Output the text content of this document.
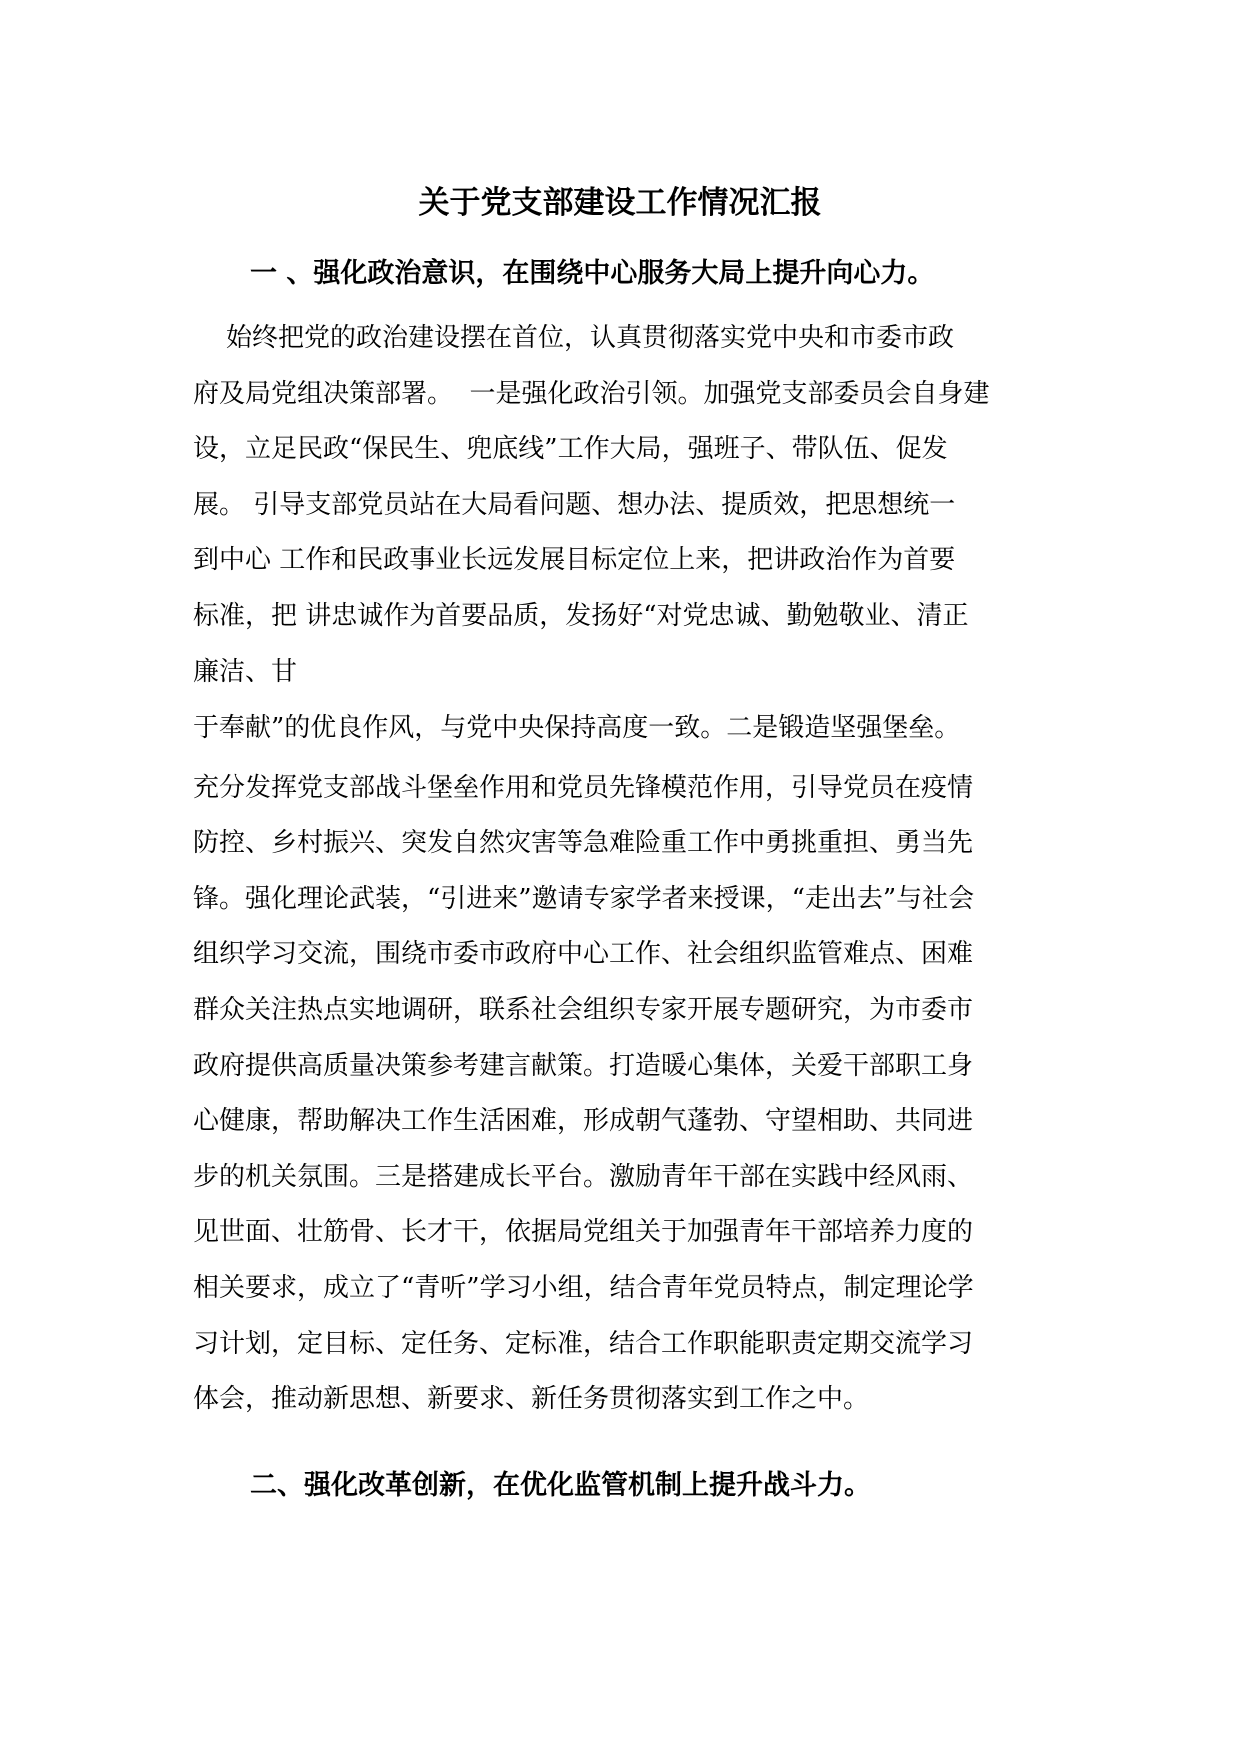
关于党支部建设工作情况汇报
一 、强化政治意识，在围绕中心服务大局上提升向心力。

始终把党的政治建设摆在首位，认真贯彻落实党中央和市委市政

府及局党组决策部署。  一是强化政治引领。加强党支部委员会自身建

设，立足民政“保民生、兜底线”工作大局，强班子、带队伍、促发

展。 引导支部党员站在大局看问题、想办法、提质效，把思想统一

到中心 工作和民政事业长远发展目标定位上来，把讲政治作为首要

标准，把 讲忠诚作为首要品质，发扬好“对党忠诚、勤勉敬业、清正

廉洁、甘

于奉献”的优良作风，与党中央保持高度一致。二是锻造坚强堡垒。

充分发挥党支部战斗堡垒作用和党员先锋模范作用，引导党员在疫情

防控、乡村振兴、突发自然灾害等急难险重工作中勇挑重担、勇当先

锋。强化理论武装，“引进来”邀请专家学者来授课，“走出去”与社会

组织学习交流，围绕市委市政府中心工作、社会组织监管难点、困难

群众关注热点实地调研，联系社会组织专家开展专题研究，为市委市

政府提供高质量决策参考建言献策。打造暖心集体，关爱干部职工身

心健康，帮助解决工作生活困难，形成朝气蓬勃、守望相助、共同进

步的机关氛围。三是搭建成长平台。激励青年干部在实践中经风雨、

见世面、壮筋骨、长才干，依据局党组关于加强青年干部培养力度的

相关要求，成立了“青听”学习小组，结合青年党员特点，制定理论学

习计划，定目标、定任务、定标准，结合工作职能职责定期交流学习

体会，推动新思想、新要求、新任务贯彻落实到工作之中。

二、强化改革创新，在优化监管机制上提升战斗力。
